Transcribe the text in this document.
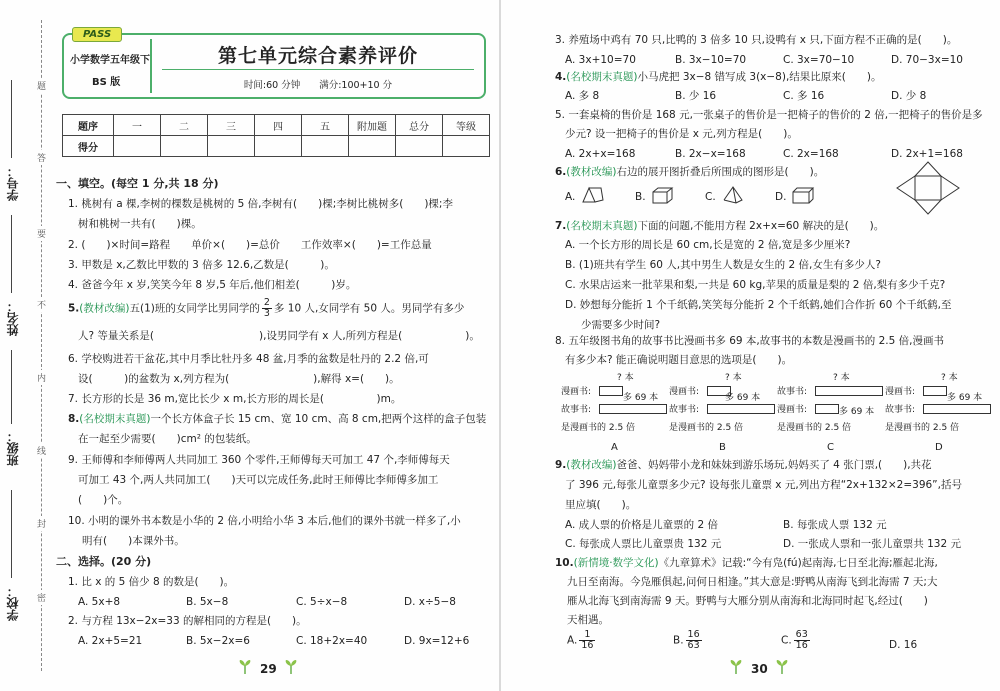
题
答
要
不
内
线
封
密
学号：
姓名：
班级：
学校：
PASS
小学数学五年级下
BS 版
第七单元综合素养评价
时间:60 分钟　　满分:100+10 分
题序	一	二	三	四	五	附加题	总分	等级
得分								
一、填空。(每空 1 分,共 18 分)
1. 桃树有 a 棵,李树的棵数是桃树的 5 倍,李树有(　　)棵;李树比桃树多(　　)棵;李
树和桃树一共有(　　)棵。
2. (　　)×时间=路程　　单价×(　　)=总价　　工作效率×(　　)=工作总量
3. 甲数是 x,乙数比甲数的 3 倍多 12.6,乙数是(　　　)。
4. 爸爸今年 x 岁,笑笑今年 8 岁,5 年后,他们相差(　　　)岁。
5.(教材改编)五(1)班的女同学比男同学的 $\frac{2}{3}$ 多 10 人,女同学有 50 人。男同学有多少
人? 等量关系是(　　　　　　　　　　),设男同学有 x 人,所列方程是(　　　　　　)。
6. 学校购进若干盆花,其中月季比牡丹多 48 盆,月季的盆数是牡丹的 2.2 倍,可
设(　　　)的盆数为 x,列方程为(　　　　　　　　),解得 x=(　　)。
7. 长方形的长是 36 m,宽比长少 x m,长方形的周长是(　　　　　)m。
8.(名校期末真题)一个长方体盒子长 15 cm、宽 10 cm、高 8 cm,把两个这样的盒子包装
在一起至少需要(　　)cm² 的包装纸。
9. 王师傅和李师傅两人共同加工 360 个零件,王师傅每天可加工 47 个,李师傅每天
可加工 43 个,两人共同加工(　　)天可以完成任务,此时王师傅比李师傅多加工
(　　)个。
10. 小明的课外书本数是小华的 2 倍,小明给小华 3 本后,他们的课外书就一样多了,小
明有(　　)本课外书。
二、选择。(20 分)
1. 比 x 的 5 倍少 8 的数是(　　)。
A. 5x+8	B. 5x−8	C. 5÷x−8	D. x÷5−8
2. 与方程 13x−2x=33 的解相同的方程是(　　)。
A. 2x+5=21	B. 5x−2x=6	C. 18+2x=40	D. 9x=12+6
29
3. 养殖场中鸡有 70 只,比鸭的 3 倍多 10 只,设鸭有 x 只,下面方程不正确的是(　　)。
A. 3x+10=70	B. 3x−10=70	C. 3x=70−10	D. 70−3x=10
4.(名校期末真题)小马虎把 3x−8 错写成 3(x−8),结果比原来(　　)。
A. 多 8	B. 少 16	C. 多 16	D. 少 8
5. 一套桌椅的售价是 168 元,一张桌子的售价是一把椅子的售价的 2 倍,一把椅子的售价是多
少元? 设一把椅子的售价是 x 元,列方程是(　　)。
A. 2x+x=168	B. 2x−x=168	C. 2x=168	D. 2x+1=168
6.(教材改编)右边的展开图折叠后所围成的图形是(　　)。
A.	B.	C.	D.
7.(名校期末真题)下面的问题,不能用方程 2x+x=60 解决的是(　　)。
A. 一个长方形的周长是 60 cm,长是宽的 2 倍,宽是多少厘米?
B. (1)班共有学生 60 人,其中男生人数是女生的 2 倍,女生有多少人?
C. 水果店运来一批苹果和梨,一共是 60 kg,苹果的质量是梨的 2 倍,梨有多少千克?
D. 妙想每分能折 1 个千纸鹤,笑笑每分能折 2 个千纸鹤,她们合作折 60 个千纸鹤,至
少需要多少时间?
8. 五年级图书角的故事书比漫画书多 69 本,故事书的本数是漫画书的 2.5 倍,漫画书
有多少本? 能正确说明题目意思的选项是(　　)。
? 本
漫画书:
故事书:
多 69 本
是漫画书的 2.5 倍
A
? 本
漫画书:
故事书:
多 69 本
是漫画书的 2.5 倍
B
? 本
故事书:
漫画书:	多 69 本
是漫画书的 2.5 倍
C
? 本
漫画书:
故事书:
多 69 本
是漫画书的 2.5 倍
D
9.(教材改编)爸爸、妈妈带小龙和妹妹到游乐场玩,妈妈买了 4 张门票,(　　),共花
了 396 元,每张儿童票多少元? 设每张儿童票 x 元,列出方程“2x+132×2=396”,括号
里应填(　　)。
A. 成人票的价格是儿童票的 2 倍	B. 每张成人票 132 元
C. 每张成人票比儿童票贵 132 元	D. 一张成人票和一张儿童票共 132 元
10.(新情境·数学文化)《九章算术》记载:“今有凫(fú)起南海,七日至北海;雁起北海,
九日至南海。今凫雁俱起,问何日相逢。”其大意是:野鸭从南海飞到北海需 7 天;大
雁从北海飞到南海需 9 天。野鸭与大雁分别从南海和北海同时起飞,经过(　　)
天相遇。
A. $\frac{1}{16}$	B. $\frac{16}{63}$	C. $\frac{63}{16}$	D. 16
30
